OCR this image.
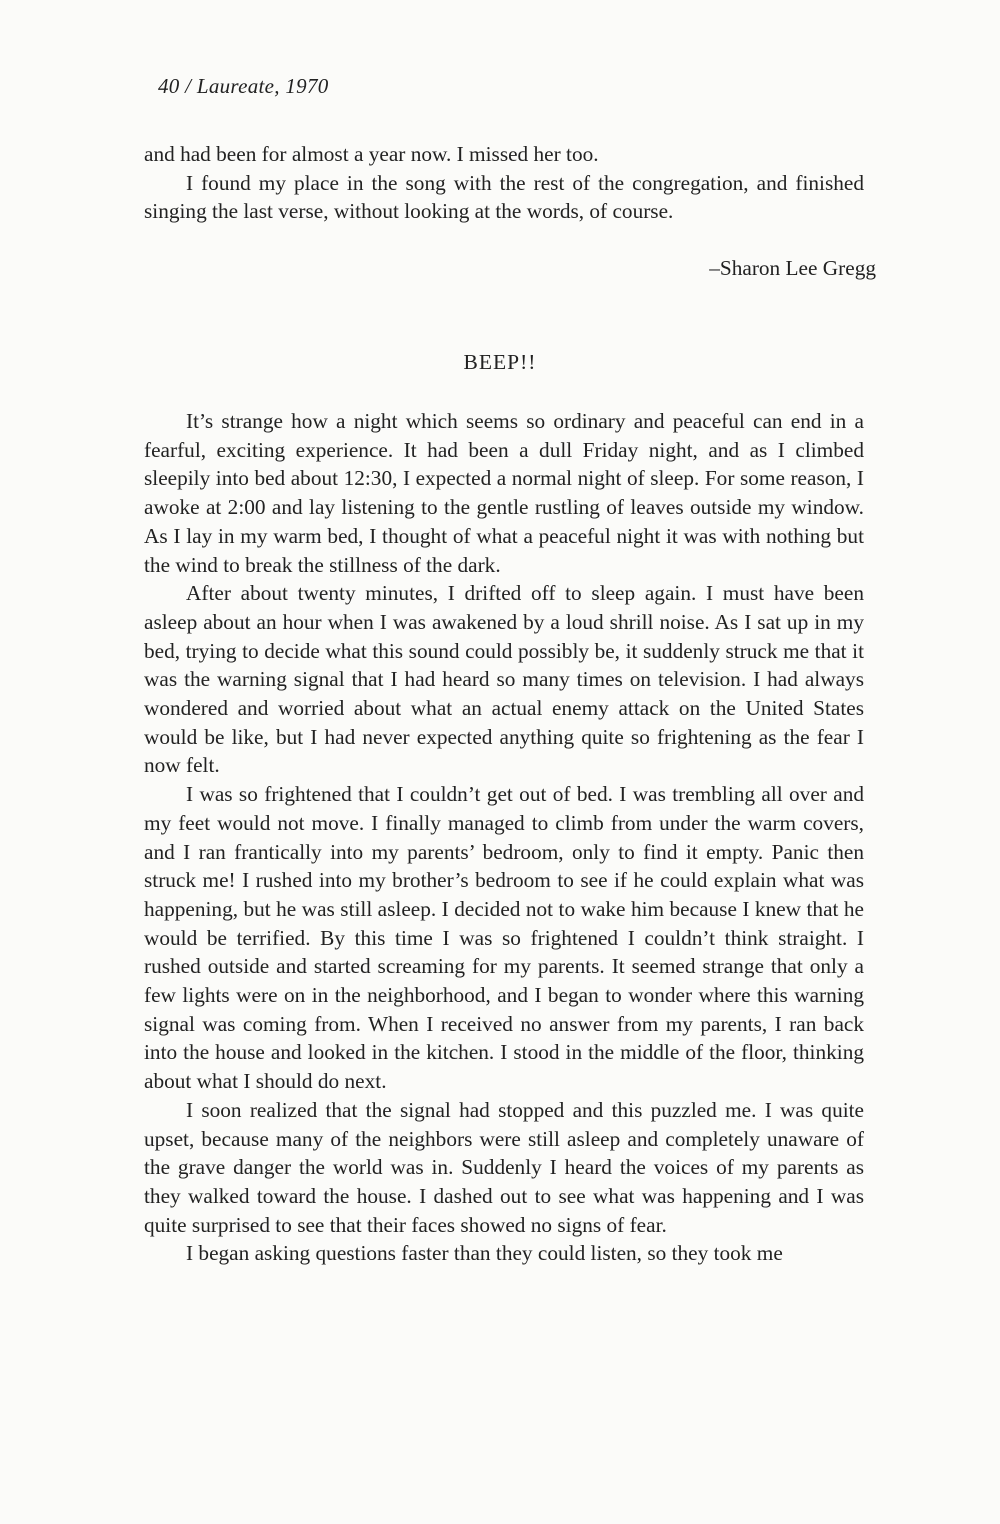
40 / Laureate, 1970

and had been for almost a year now. I missed her too.

I found my place in the song with the rest of the congregation, and finished singing the last verse, without looking at the words, of course.

–Sharon Lee Gregg
BEEP!!

It’s strange how a night which seems so ordinary and peaceful can end in a fearful, exciting experience. It had been a dull Friday night, and as I climbed sleepily into bed about 12:30, I expected a normal night of sleep. For some reason, I awoke at 2:00 and lay listening to the gentle rustling of leaves outside my window. As I lay in my warm bed, I thought of what a peaceful night it was with nothing but the wind to break the stillness of the dark.

After about twenty minutes, I drifted off to sleep again. I must have been asleep about an hour when I was awakened by a loud shrill noise. As I sat up in my bed, trying to decide what this sound could possibly be, it suddenly struck me that it was the warning signal that I had heard so many times on television. I had always wondered and worried about what an actual enemy attack on the United States would be like, but I had never expected anything quite so frightening as the fear I now felt.

I was so frightened that I couldn’t get out of bed. I was trembling all over and my feet would not move. I finally managed to climb from under the warm covers, and I ran frantically into my parents’ bedroom, only to find it empty. Panic then struck me! I rushed into my brother’s bedroom to see if he could explain what was happening, but he was still asleep. I decided not to wake him because I knew that he would be terrified. By this time I was so frightened I couldn’t think straight. I rushed outside and started screaming for my parents. It seemed strange that only a few lights were on in the neighborhood, and I began to wonder where this warning signal was coming from. When I received no answer from my parents, I ran back into the house and looked in the kitchen. I stood in the middle of the floor, thinking about what I should do next.

I soon realized that the signal had stopped and this puzzled me. I was quite upset, because many of the neighbors were still asleep and completely unaware of the grave danger the world was in. Suddenly I heard the voices of my parents as they walked toward the house. I dashed out to see what was happening and I was quite surprised to see that their faces showed no signs of fear.

I began asking questions faster than they could listen, so they took me
